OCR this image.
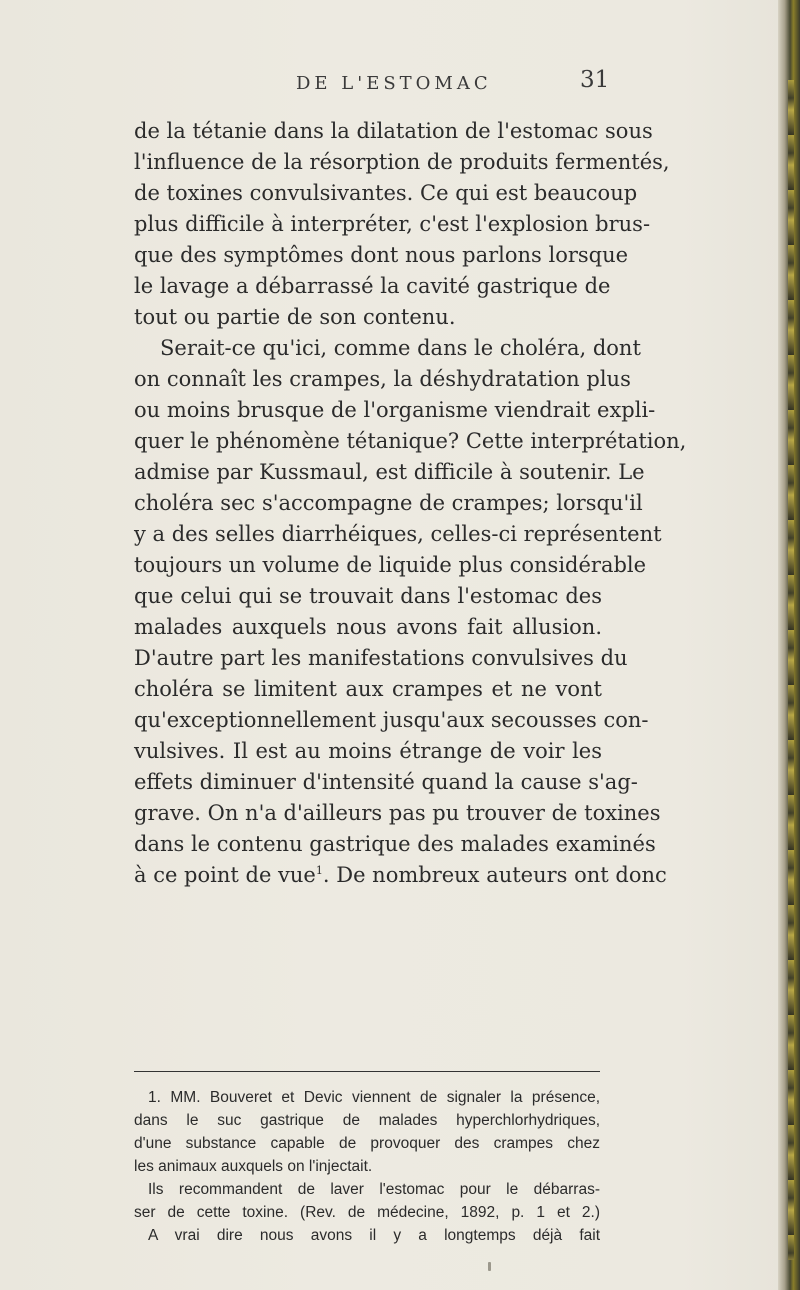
DE L'ESTOMAC	31
de la tétanie dans la dilatation de l'estomac sous
l'influence de la résorption de produits fermentés,
de toxines convulsivantes. Ce qui est beaucoup
plus difficile à interpréter, c'est l'explosion brus-
que des symptômes dont nous parlons lorsque
le lavage a débarrassé la cavité gastrique de
tout ou partie de son contenu.
Serait-ce qu'ici, comme dans le choléra, dont
on connaît les crampes, la déshydratation plus
ou moins brusque de l'organisme viendrait expli-
quer le phénomène tétanique? Cette interprétation,
admise par Kussmaul, est difficile à soutenir. Le
choléra sec s'accompagne de crampes; lorsqu'il
y a des selles diarrhéiques, celles-ci représentent
toujours un volume de liquide plus considérable
que celui qui se trouvait dans l'estomac des
malades auxquels nous avons fait allusion.
D'autre part les manifestations convulsives du
choléra se limitent aux crampes et ne vont
qu'exceptionnellement jusqu'aux secousses con-
vulsives. Il est au moins étrange de voir les
effets diminuer d'intensité quand la cause s'ag-
grave. On n'a d'ailleurs pas pu trouver de toxines
dans le contenu gastrique des malades examinés
à ce point de vue$^1$. De nombreux auteurs ont donc
1. MM. Bouveret et Devic viennent de signaler la présence,
dans le suc gastrique de malades hyperchlorhydriques,
d'une substance capable de provoquer des crampes chez
les animaux auxquels on l'injectait.
Ils recommandent de laver l'estomac pour le débarras-
ser de cette toxine. (Rev. de médecine, 1892, p. 1 et 2.)
A vrai dire nous avons il y a longtemps déjà fait
